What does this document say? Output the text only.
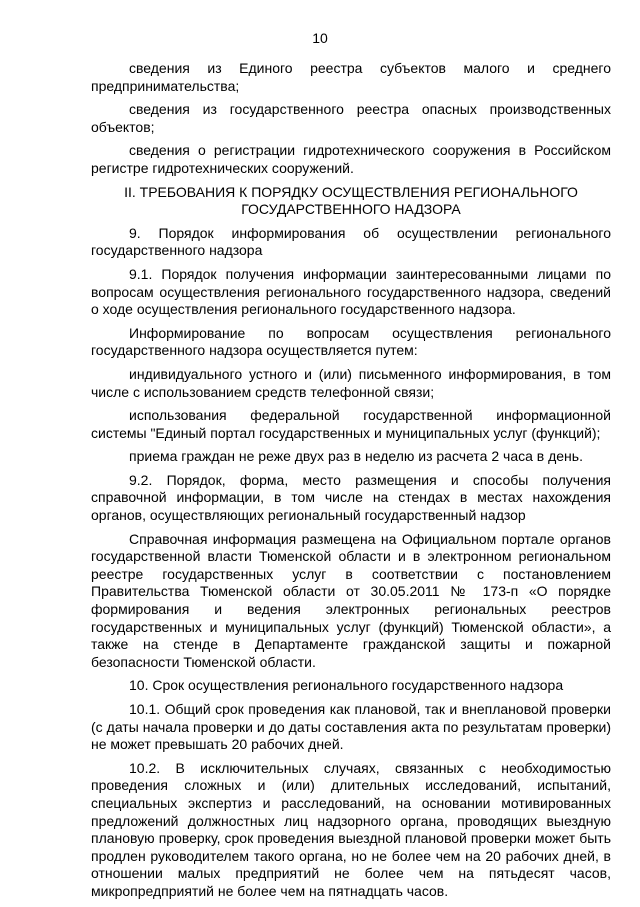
10

сведения из Единого реестра субъектов малого и среднего предпринимательства;

сведения из государственного реестра опасных производственных объектов;

сведения о регистрации гидротехнического сооружения в Российском регистре гидротехнических сооружений.

II. ТРЕБОВАНИЯ К ПОРЯДКУ ОСУЩЕСТВЛЕНИЯ РЕГИОНАЛЬНОГО ГОСУДАРСТВЕННОГО НАДЗОРА

9. Порядок информирования об осуществлении регионального государственного надзора

9.1. Порядок получения информации заинтересованными лицами по вопросам осуществления регионального государственного надзора, сведений о ходе осуществления регионального государственного надзора.

Информирование по вопросам осуществления регионального государственного надзора осуществляется путем:

индивидуального устного и (или) письменного информирования, в том числе с использованием средств телефонной связи;

использования федеральной государственной информационной системы "Единый портал государственных и муниципальных услуг (функций);

приема граждан не реже двух раз в неделю из расчета 2 часа в день.

9.2. Порядок, форма, место размещения и способы получения справочной информации, в том числе на стендах в местах нахождения органов, осуществляющих региональный государственный надзор

Справочная информация размещена на Официальном портале органов государственной власти Тюменской области и в электронном региональном реестре государственных услуг в соответствии с постановлением Правительства Тюменской области от 30.05.2011 № 173-п «О порядке формирования и ведения электронных региональных реестров государственных и муниципальных услуг (функций) Тюменской области», а также на стенде в Департаменте гражданской защиты и пожарной безопасности Тюменской области.

10. Срок осуществления регионального государственного надзора

10.1. Общий срок проведения как плановой, так и внеплановой проверки (с даты начала проверки и до даты составления акта по результатам проверки) не может превышать 20 рабочих дней.

10.2. В исключительных случаях, связанных с необходимостью проведения сложных и (или) длительных исследований, испытаний, специальных экспертиз и расследований, на основании мотивированных предложений должностных лиц надзорного органа, проводящих выездную плановую проверку, срок проведения выездной плановой проверки может быть продлен руководителем такого органа, но не более чем на 20 рабочих дней, в отношении малых предприятий не более чем на пятьдесят часов, микропредприятий не более чем на пятнадцать часов.
